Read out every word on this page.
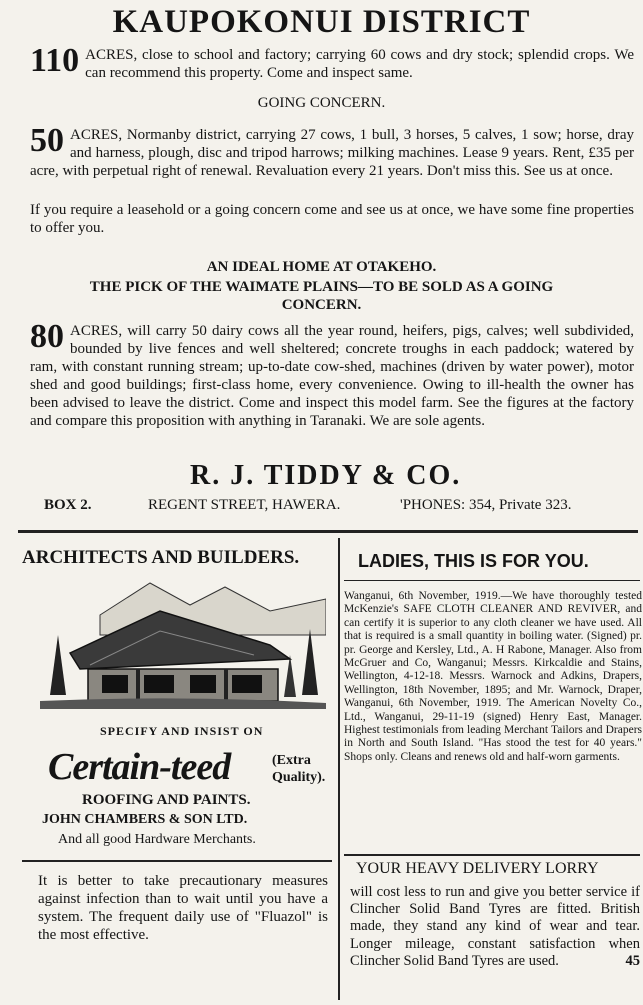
KAUPOKONUI DISTRICT
110 ACRES, close to school and factory; carrying 60 cows and dry stock; splendid crops. We can recommend this property. Come and inspect same.
GOING CONCERN.
50 ACRES, Normanby district, carrying 27 cows, 1 bull, 3 horses, 5 calves, 1 sow; horse, dray and harness, plough, disc and tripod harrows; milking machines. Lease 9 years. Rent, £35 per acre, with perpetual right of renewal. Revaluation every 21 years. Don't miss this. See us at once.
If you require a leasehold or a going concern come and see us at once, we have some fine properties to offer you.
AN IDEAL HOME AT OTAKEHO.
THE PICK OF THE WAIMATE PLAINS—TO BE SOLD AS A GOING
CONCERN.
80 ACRES, will carry 50 dairy cows all the year round, heifers, pigs, calves; well subdivided, bounded by live fences and well sheltered; concrete troughs in each paddock; watered by ram, with constant running stream; up-to-date cow-shed, machines (driven by water power), motor shed and good buildings; first-class home, every convenience. Owing to ill-health the owner has been advised to leave the district. Come and inspect this model farm. See the figures at the factory and compare this proposition with anything in Taranaki. We are sole agents.
R. J. TIDDY & CO.
BOX 2.	REGENT STREET, HAWERA.	'PHONES: 354, Private 323.
ARCHITECTS AND BUILDERS.
SPECIFY AND INSIST ON
Certain-teed	(Extra
Quality).
ROOFING AND PAINTS.
JOHN CHAMBERS & SON LTD.
And all good Hardware Merchants.
It is better to take precautionary measures against infection than to wait until you have a system. The frequent daily use of "Fluazol" is the most effective.
LADIES, THIS IS FOR YOU.
Wanganui, 6th November, 1919.—We have thoroughly tested McKenzie's SAFE CLOTH CLEANER AND REVIVER, and can certify it is superior to any cloth cleaner we have used. All that is required is a small quantity in boiling water. (Signed) pr. pr. George and Kersley, Ltd., A. H Rabone, Manager. Also from McGruer and Co, Wanganui; Messrs. Kirkcaldie and Stains, Wellington, 4-12-18. Messrs. Warnock and Adkins, Drapers, Wellington, 18th November, 1895; and Mr. Warnock, Draper, Wanganui, 6th November, 1919. The American Novelty Co., Ltd., Wanganui, 29-11-19 (signed) Henry East, Manager. Highest testimonials from leading Merchant Tailors and Drapers in North and South Island. "Has stood the test for 40 years." Shops only. Cleans and renews old and half-worn garments.
YOUR HEAVY DELIVERY LORRY
will cost less to run and give you better service if Clincher Solid Band Tyres are fitted. British made, they stand any kind of wear and tear. Longer mileage, constant satisfaction when Clincher Solid Band Tyres are used.	45
